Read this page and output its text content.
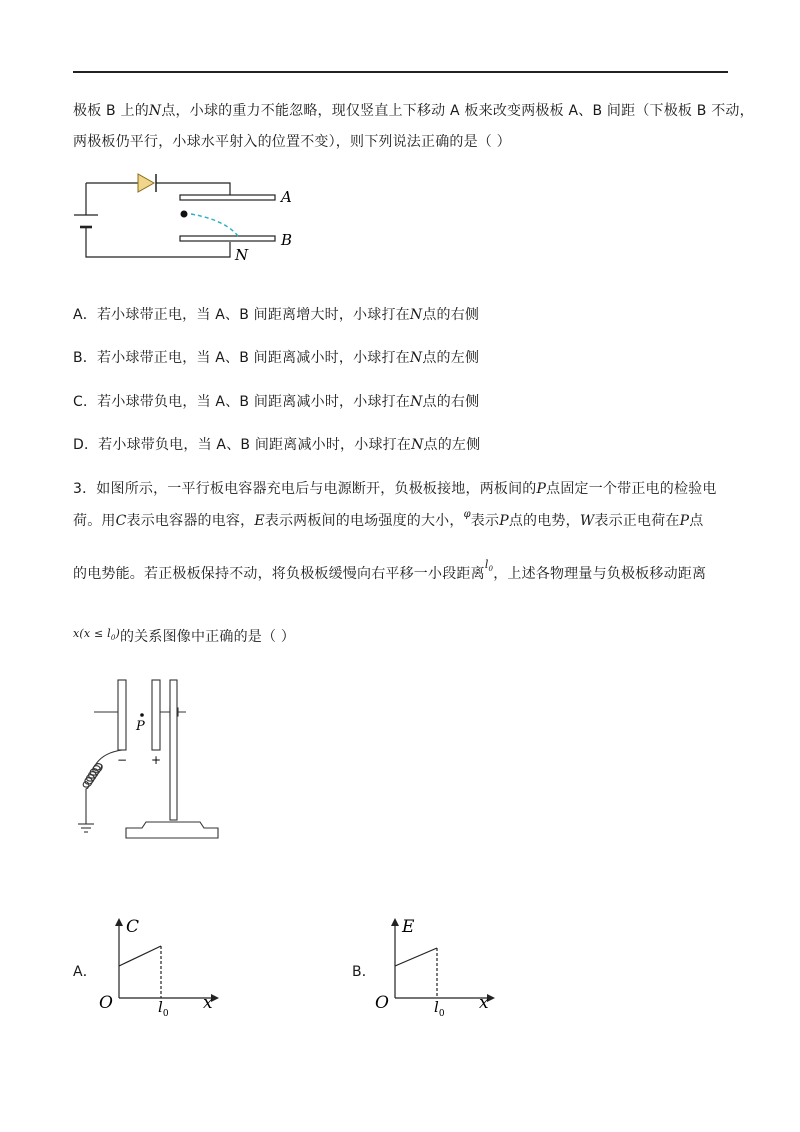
极板 B 上的N点，小球的重力不能忽略，现仅竖直上下移动 A 板来改变两极板 A、B 间距（下极板 B 不动，
两极板仍平行，小球水平射入的位置不变），则下列说法正确的是（ ）
A
B
N
A．若小球带正电，当 A、B 间距离增大时，小球打在N点的右侧
B．若小球带正电，当 A、B 间距离减小时，小球打在N点的左侧
C．若小球带负电，当 A、B 间距离减小时，小球打在N点的右侧
D．若小球带负电，当 A、B 间距离减小时，小球打在N点的左侧
3．如图所示，一平行板电容器充电后与电源断开，负极板接地，两板间的P点固定一个带正电的检验电
荷。用C表示电容器的电容，E表示两板间的电场强度的大小，$^\varphi$表示P点的电势，W表示正电荷在P点
的电势能。若正极板保持不动，将负极板缓慢向右平移一小段距离$^{l_0}$，上述各物理量与负极板移动距离
$^{x(x \le l_0)}$的关系图像中正确的是（ ）
P
− +
A．
C
O	$l_0$
x
B．
E
O	$l_0$
x
